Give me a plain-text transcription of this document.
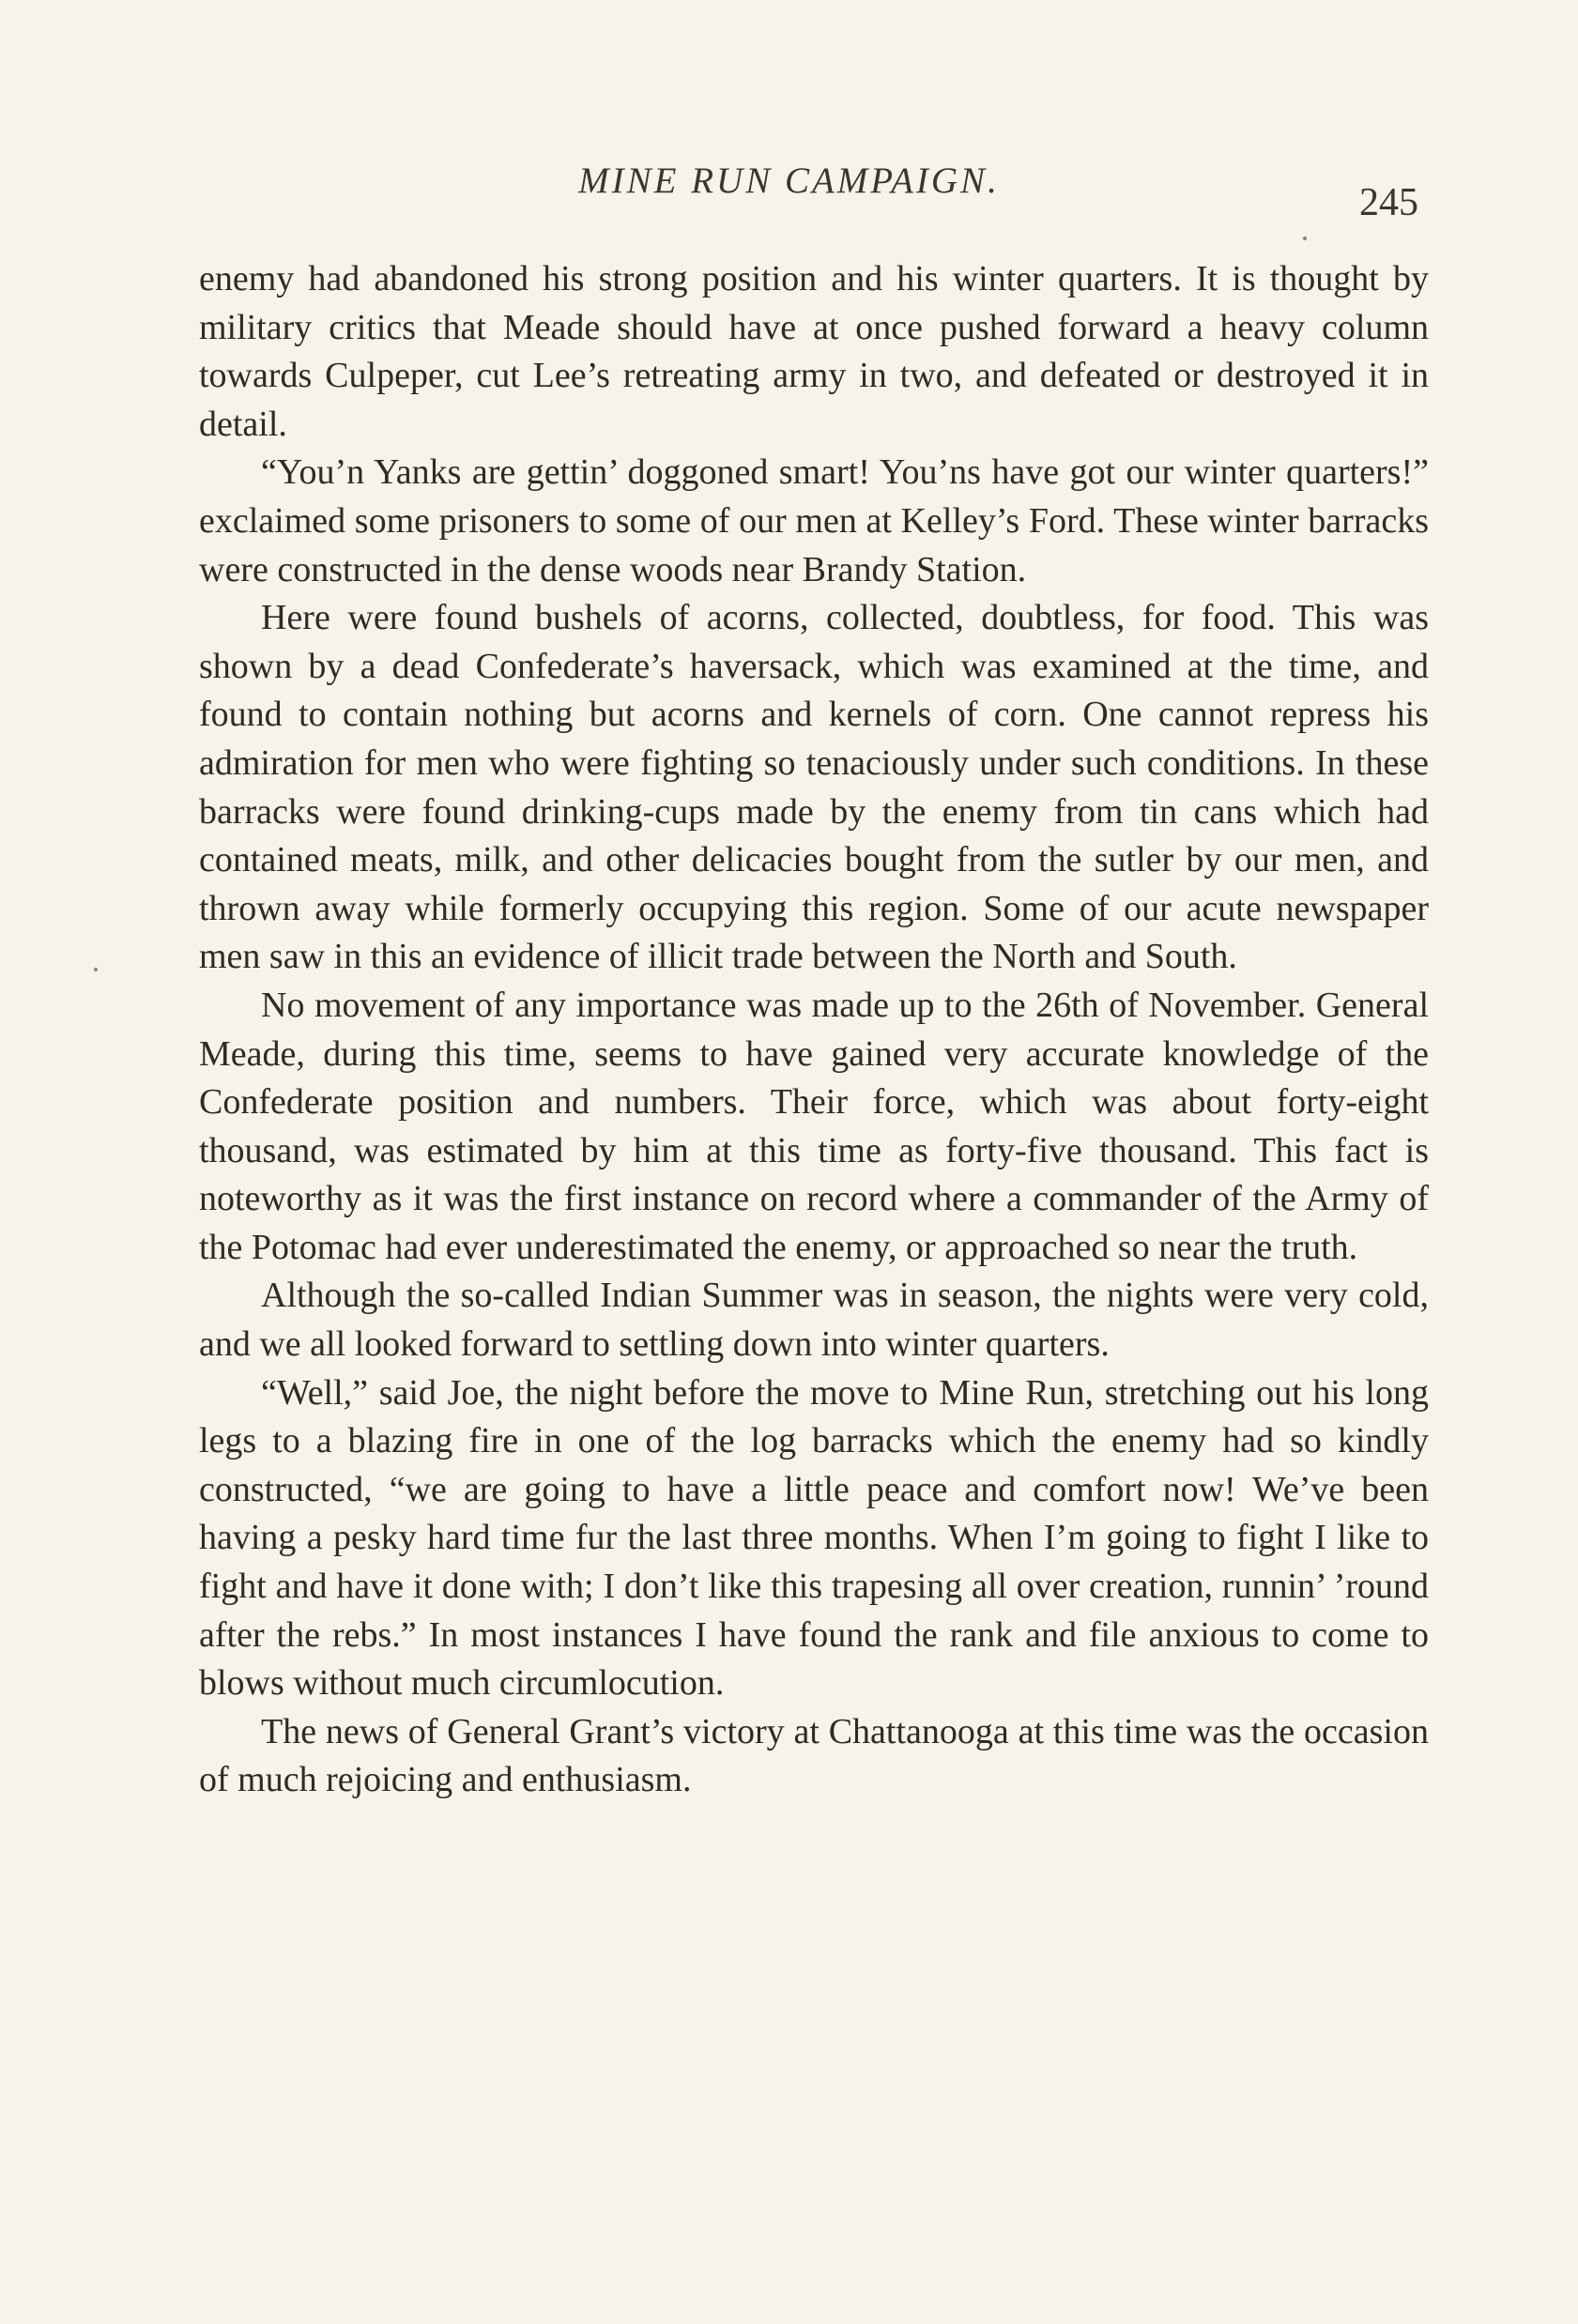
MINE RUN CAMPAIGN.
245

enemy had abandoned his strong position and his winter quarters. It is thought by military critics that Meade should have at once pushed forward a heavy column towards Culpeper, cut Lee’s retreating army in two, and defeated or destroyed it in detail.

“You’n Yanks are gettin’ doggoned smart! You’ns have got our winter quarters!” exclaimed some prisoners to some of our men at Kelley’s Ford. These winter barracks were constructed in the dense woods near Brandy Station.

Here were found bushels of acorns, collected, doubtless, for food. This was shown by a dead Confederate’s haversack, which was examined at the time, and found to contain nothing but acorns and kernels of corn. One cannot repress his admiration for men who were fighting so tenaciously under such conditions. In these barracks were found drinking-cups made by the enemy from tin cans which had contained meats, milk, and other delicacies bought from the sutler by our men, and thrown away while formerly occupying this region. Some of our acute newspaper men saw in this an evidence of illicit trade between the North and South.

No movement of any importance was made up to the 26th of November. General Meade, during this time, seems to have gained very accurate knowledge of the Confederate position and numbers. Their force, which was about forty-eight thousand, was estimated by him at this time as forty-five thousand. This fact is noteworthy as it was the first instance on record where a commander of the Army of the Potomac had ever underestimated the enemy, or approached so near the truth.

Although the so-called Indian Summer was in season, the nights were very cold, and we all looked forward to settling down into winter quarters.

“Well,” said Joe, the night before the move to Mine Run, stretching out his long legs to a blazing fire in one of the log barracks which the enemy had so kindly constructed, “we are going to have a little peace and comfort now! We’ve been having a pesky hard time fur the last three months. When I’m going to fight I like to fight and have it done with; I don’t like this trapesing all over creation, runnin’ ’round after the rebs.” In most instances I have found the rank and file anxious to come to blows without much circumlocution.

The news of General Grant’s victory at Chattanooga at this time was the occasion of much rejoicing and enthusiasm.
